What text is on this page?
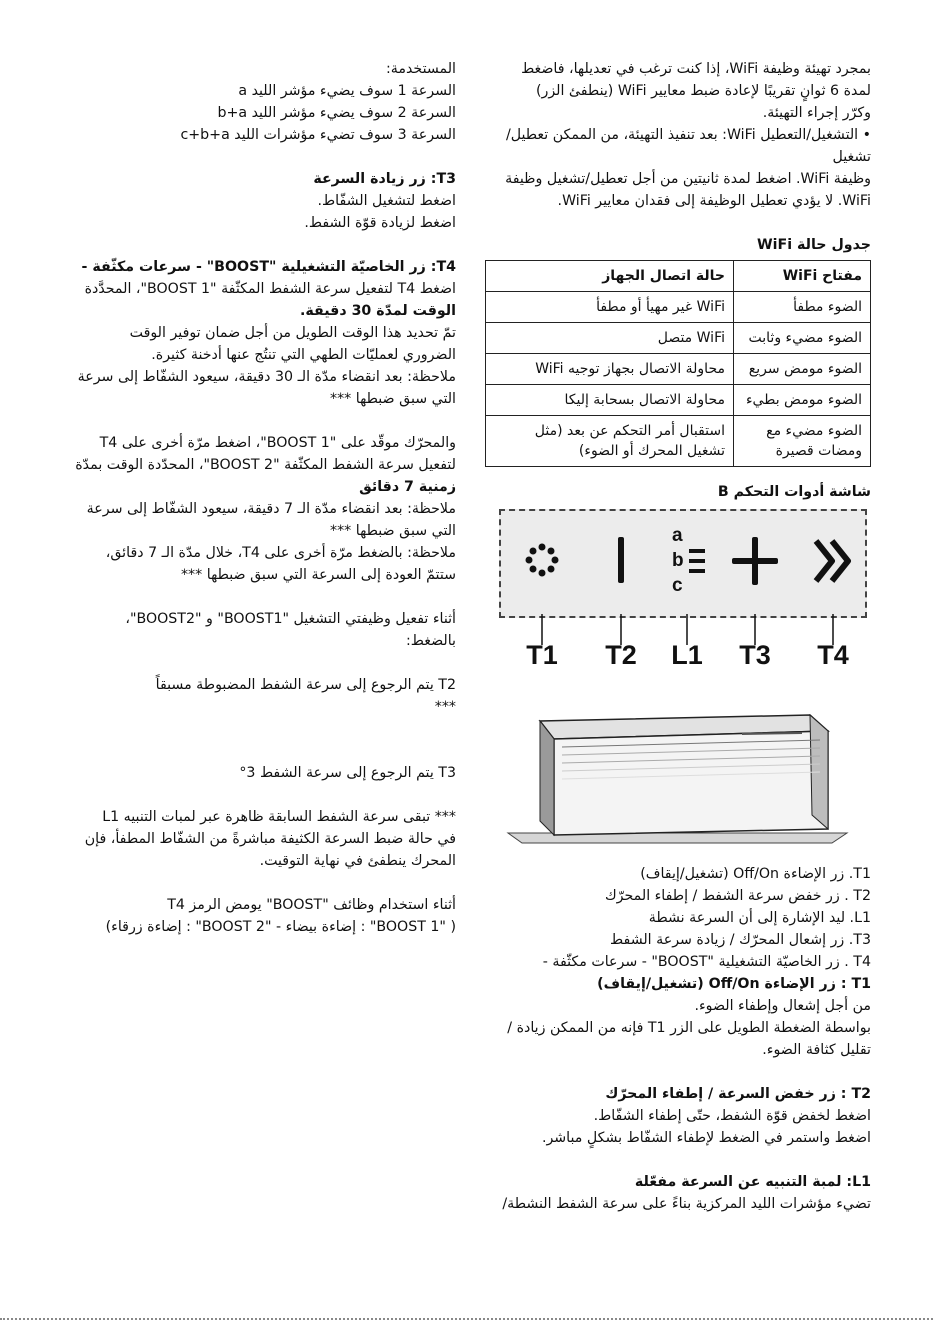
المستخدمة:

السرعة 1 سوف يضيء مؤشر الليد a

السرعة 2 سوف يضيء مؤشر الليد b+a

السرعة 3 سوف تضيء مؤشرات الليد c+b+a

T3: زر زيادة السرعة

اضغط لتشغيل الشفّاط.

اضغط لزيادة قوّة الشفط.

T4: زر الخاصيّة التشغيلية "BOOST" - سرعات مكثّفة -

اضغط T4 لتفعيل سرعة الشفط المكثّفة "BOOST 1"، المحدَّدة

الوقت لمدّة 30 دقيقة.

تمّ تحديد هذا الوقت الطويل من أجل ضمان توفير الوقت

الضروري لعمليّات الطهي التي تنتُج عنها أدخنة كثيرة.

ملاحظة: بعد انقضاء مدّة الـ 30 دقيقة، سيعود الشفّاط إلى سرعة

التي سبق ضبطها ***

والمحرّك موقّد على "BOOST 1"، اضغط مرّة أخرى على T4

لتفعيل سرعة الشفط المكثّفة "BOOST 2"، المحدّدة الوقت بمدّة

زمنية 7 دقائق

ملاحظة: بعد انقضاء مدّة الـ 7 دقيقة، سيعود الشفّاط إلى سرعة

التي سبق ضبطها ***

ملاحظة: بالضغط مرّة أخرى على T4، خلال مدّة الـ 7 دقائق،

ستتمّ العودة إلى السرعة التي سبق ضبطها ***

أثناء تفعيل وظيفتي التشغيل "BOOST1" و "BOOST2"،

بالضغط:

T2 يتم الرجوع إلى سرعة الشفط المضبوطة مسبقاً

***

T3 يتم الرجوع إلى سرعة الشفط 3°

*** تبقى سرعة الشفط السابقة ظاهرة عبر لمبات التنبيه L1

في حالة ضبط السرعة الكثيفة مباشرةً من الشفّاط المطفأ، فإن

المحرك ينطفئ في نهاية التوقيت.

أثناء استخدام وظائف "BOOST" يومض الرمز T4

( "BOOST 1" : إضاءة بيضاء - "BOOST 2" : إضاءة زرقاء)

بمجرد تهيئة وظيفة WiFi، إذا كنت ترغب في تعديلها، فاضغط

لمدة 6 ثوانٍ تقريبًا لإعادة ضبط معايير WiFi (ينطفئ الزر)

وكرّر إجراء التهيئة.

• التشغيل/التعطيل WiFi: بعد تنفيذ التهيئة، من الممكن تعطيل/تشغيل

وظيفة WiFi. اضغط لمدة ثانيتين من أجل تعطيل/تشغيل وظيفة

WiFi. لا يؤدي تعطيل الوظيفة إلى فقدان معايير WiFi.

جدول حالة WiFi
مفتاح WiFi	حالة اتصال الجهاز
الضوء مطفأ	WiFi غير مهيأ أو مطفأ
الضوء مضيء وثابت	WiFi متصل
الضوء مومض سريع	محاولة الاتصال بجهاز توجيه WiFi
الضوء مومض بطيء	محاولة الاتصال بسحابة إليكا
الضوء مضيء مع ومضات قصيرة	استقبال أمر التحكم عن بعد (مثل تشغيل المحرك أو الضوء)
شاشة أدوات التحكم B
T1	T2
a
b
c
L1	T3	T4

T1. زر الإضاءة Off/On (تشغيل/إيقاف)

T2 . زر خفض سرعة الشفط / إطفاء المحرّك

L1. ليد الإشارة إلى أن السرعة نشطة

T3. زر إشعال المحرّك / زيادة سرعة الشفط

T4 . زر الخاصيّة التشغيلية "BOOST" - سرعات مكثّفة -

T1 : زر الإضاءة Off/On (تشغيل/إيقاف)

من أجل إشعال وإطفاء الضوء.

بواسطة الضغطة الطويل على الزر T1 فإنه من الممكن زيادة /

تقليل كثافة الضوء.

T2 : زر خفض السرعة / إطفاء المحرّك

اضغط لخفض قوّة الشفط، حتّى إطفاء الشفّاط.

اضغط واستمر في الضغط لإطفاء الشفّاط بشكلٍ مباشر.

L1: لمبة التنبيه عن السرعة مفعّلة

تضيء مؤشرات الليد المركزية بناءً على سرعة الشفط النشطة/
